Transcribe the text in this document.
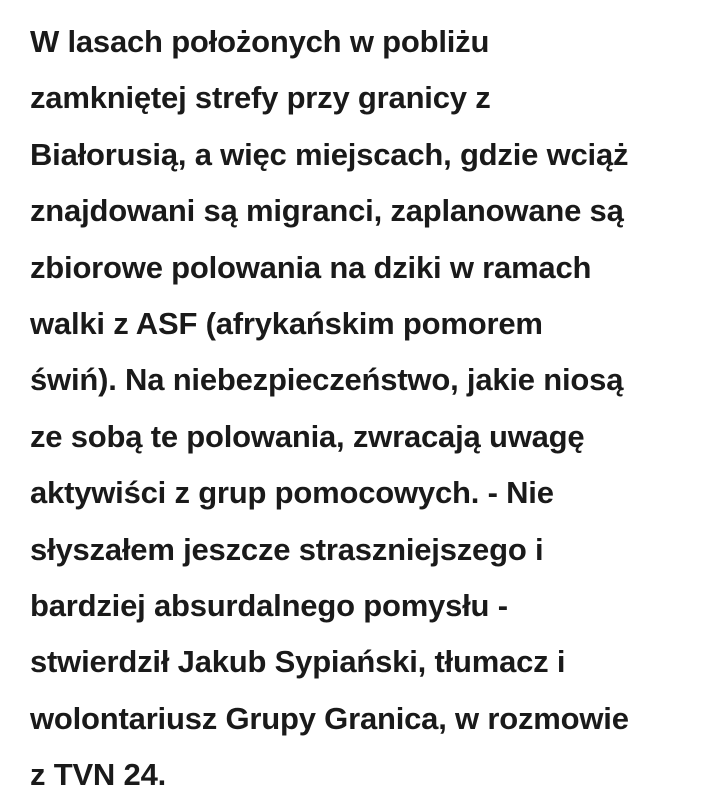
W lasach położonych w pobliżu
zamkniętej strefy przy granicy z
Białorusią, a więc miejscach, gdzie wciąż
znajdowani są migranci, zaplanowane są
zbiorowe polowania na dziki w ramach
walki z ASF (afrykańskim pomorem
świń). Na niebezpieczeństwo, jakie niosą
ze sobą te polowania, zwracają uwagę
aktywiści z grup pomocowych. - Nie
słyszałem jeszcze straszniejszego i
bardziej absurdalnego pomysłu -
stwierdził Jakub Sypiański, tłumacz i
wolontariusz Grupy Granica, w rozmowie
z TVN 24.
